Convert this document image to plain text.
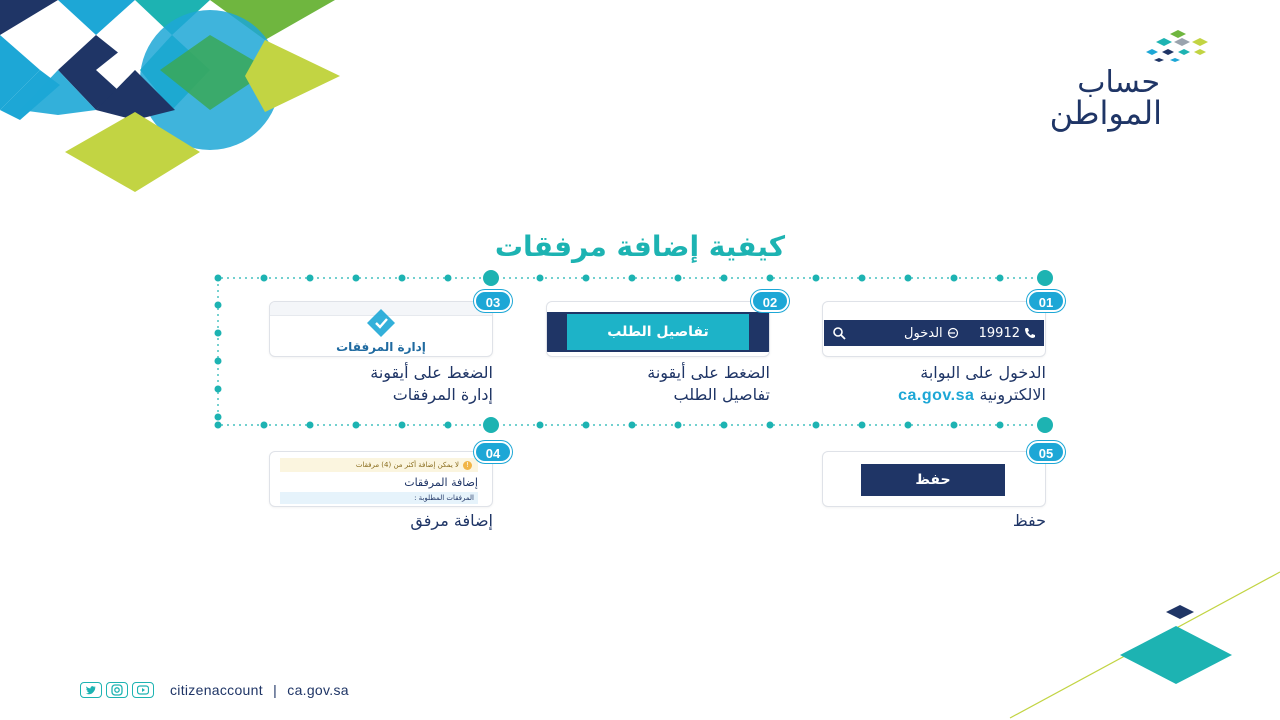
حساب
المواطن
كيفية إضافة مرفقات
19912
الدخول
01
الدخول على البوابة
الالكترونية ca.gov.sa
تفاصيل الطلب
02
الضغط على أيقونة
تفاصيل الطلب
إدارة المرفقات
03
الضغط على أيقونة
إدارة المرفقات
!
لا يمكن إضافة أكثر من (4) مرفقات
إضافة المرفقات
المرفقات المطلوبة :
04
إضافة مرفق
حفظ
05
حفظ
citizenaccount | ca.gov.sa
